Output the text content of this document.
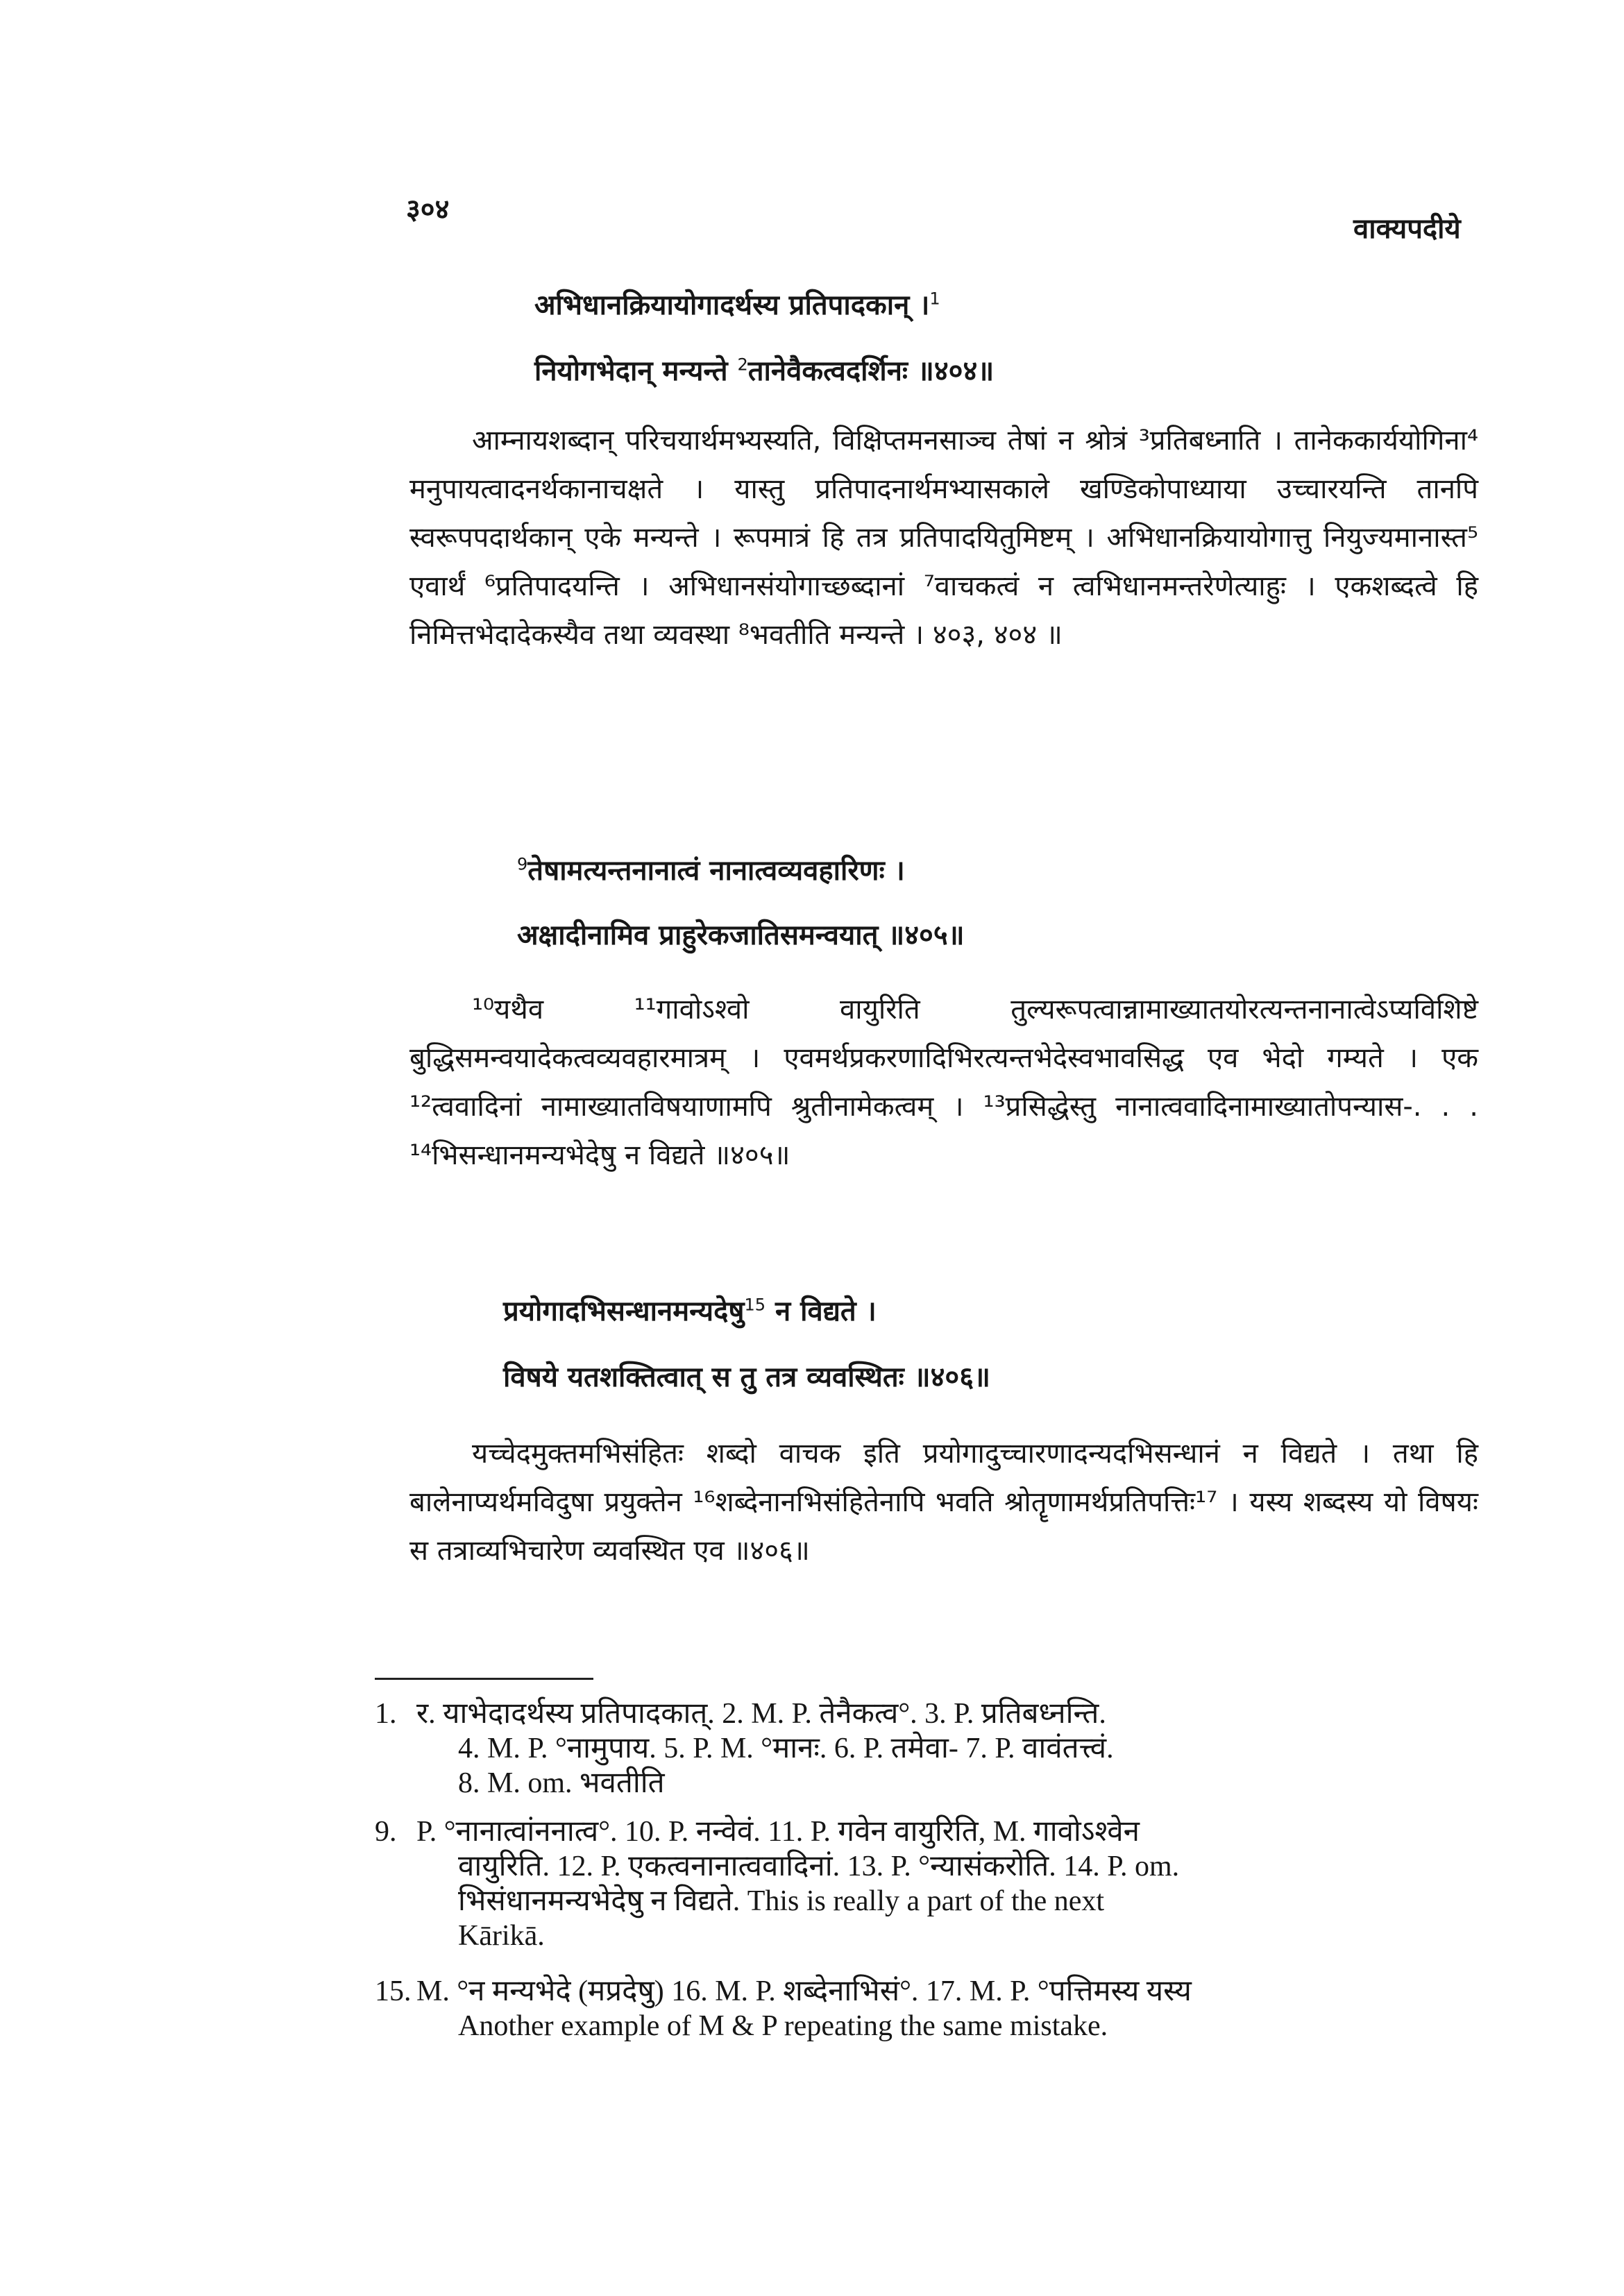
३०४
वाक्यपदीये
अभिधानक्रियायोगादर्थस्य प्रतिपादकान् ।$^1$
नियोगभेदान् मन्यन्ते $^2$तानेवैकत्वदर्शिनः ॥४०४॥
आम्नायशब्दान् परिचयार्थमभ्यस्यति, विक्षिप्तमनसाञ्च तेषां न श्रोत्रं ³प्रतिबध्नाति । तानेककार्ययोगिना⁴ मनुपायत्वादनर्थकानाचक्षते । यास्तु प्रतिपादनार्थमभ्यासकाले खण्डिकोपाध्याया उच्चारयन्ति तानपि स्वरूपपदार्थकान् एके मन्यन्ते । रूपमात्रं हि तत्र प्रतिपादयितुमिष्टम् । अभिधानक्रियायोगात्तु नियुज्यमानास्त⁵ एवार्थं ⁶प्रतिपादयन्ति । अभिधानसंयोगाच्छब्दानां ⁷वाचकत्वं न त्वभिधानमन्तरेणेत्याहुः । एकशब्दत्वे हि निमित्तभेदादेकस्यैव तथा व्यवस्था ⁸भवतीति मन्यन्ते । ४०३, ४०४ ॥
$^9$तेषामत्यन्तनानात्वं नानात्वव्यवहारिणः ।
अक्षादीनामिव प्राहुरेकजातिसमन्वयात् ॥४०५॥
¹⁰यथैव ¹¹गावोऽश्वो वायुरिति तुल्यरूपत्वान्नामाख्यातयोरत्यन्तनानात्वेऽप्यविशिष्टे बुद्धिसमन्वयादेकत्वव्यवहारमात्रम् । एवमर्थप्रकरणादिभिरत्यन्तभेदेस्वभावसिद्ध एव भेदो गम्यते । एक ¹²त्ववादिनां नामाख्यातविषयाणामपि श्रुतीनामेकत्वम् । ¹³प्रसिद्धेस्तु नानात्ववादिनामाख्यातोपन्यास-. . . ¹⁴भिसन्धानमन्यभेदेषु न विद्यते ॥४०५॥
प्रयोगादभिसन्धानमन्यदेषु$^{15}$ न विद्यते ।
विषये यतशक्तित्वात् स तु तत्र व्यवस्थितः ॥४०६॥
यच्चेदमुक्तमभिसंहितः शब्दो वाचक इति प्रयोगादुच्चारणादन्यदभिसन्धानं न विद्यते । तथा हि बालेनाप्यर्थमविदुषा प्रयुक्तेन ¹⁶शब्देनानभिसंहितेनापि भवति श्रोतॄणामर्थप्रतिपत्तिः¹⁷ । यस्य शब्दस्य यो विषयः स तत्राव्यभिचारेण व्यवस्थित एव ॥४०६॥
1. र. याभेदादर्थस्य प्रतिपादकात्. 2. M. P. तेनैकत्व°. 3. P. प्रतिबध्नन्ति.
4. M. P. °नामुपाय. 5. P. M. °मानः. 6. P. तमेवा- 7. P. वावंतत्त्वं.
8. M. om. भवतीति
9. P. °नानात्वांननात्व°. 10. P. नन्वेवं. 11. P. गवेन वायुरिति, M. गावोऽश्वेन
वायुरिति. 12. P. एकत्वनानात्ववादिनां. 13. P. °न्यासंकरोति. 14. P. om.
भिसंधानमन्यभेदेषु न विद्यते. This is really a part of the next
Kārikā.
15. M. °न मन्यभेदे (मप्रदेषु) 16. M. P. शब्देनाभिसं°. 17. M. P. °पत्तिमस्य यस्य
Another example of M & P repeating the same mistake.
